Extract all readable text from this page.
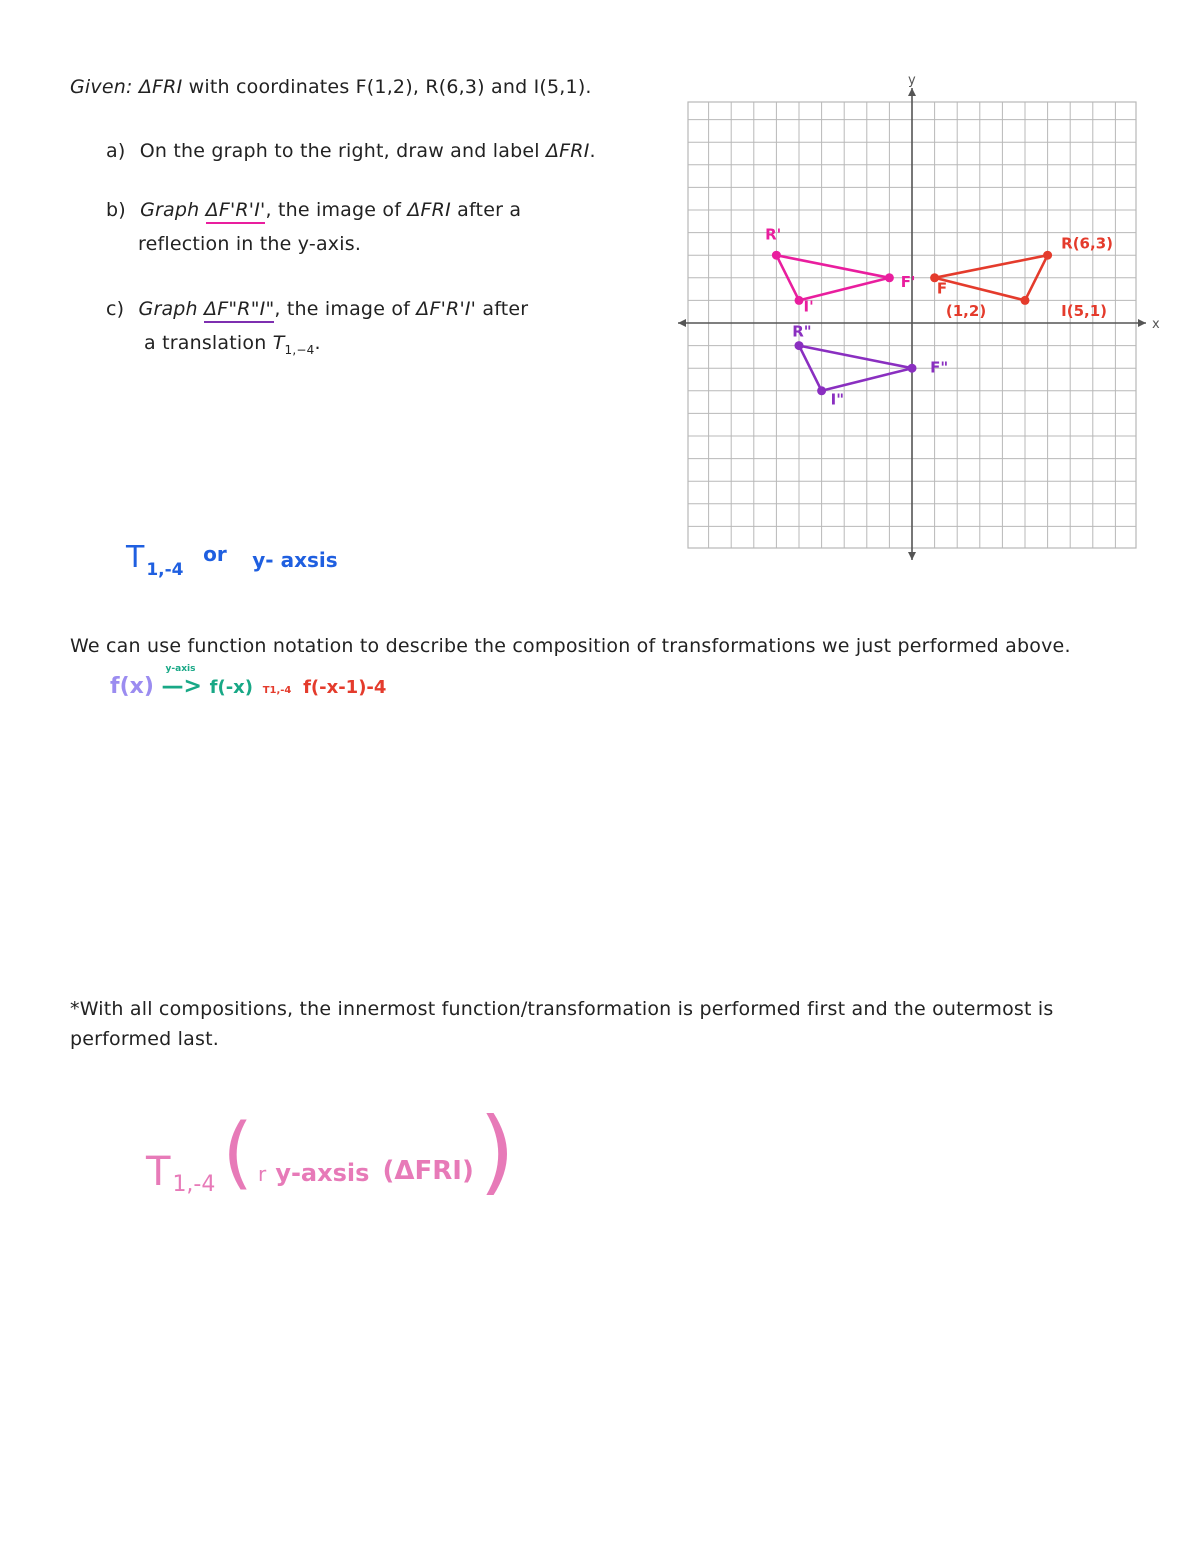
Given: ΔFRI with coordinates F(1,2), R(6,3) and I(5,1).
a) On the graph to the right, draw and label ΔFRI.
b) Graph ΔF'R'I', the image of ΔFRI after a
reflection in the y-axis.
c) Graph ΔF"R"I", the image of ΔF'R'I' after
a translation $T_{1,-4}$.
T 1,-4 or y- axsis
We can use function notation to describe the composition of transformations we just performed above.
f(x)
y-axis
—> f(-x) T1,-4 f(-x-1)-4
*With all compositions, the innermost function/transformation is performed first and the outermost is
performed last.
T1,-4 ( r y-axsis (ΔFRI) )
x
y
F
(1,2)
R(6,3)
I(5,1)
F'
R'
I'
F"
R"
I"
